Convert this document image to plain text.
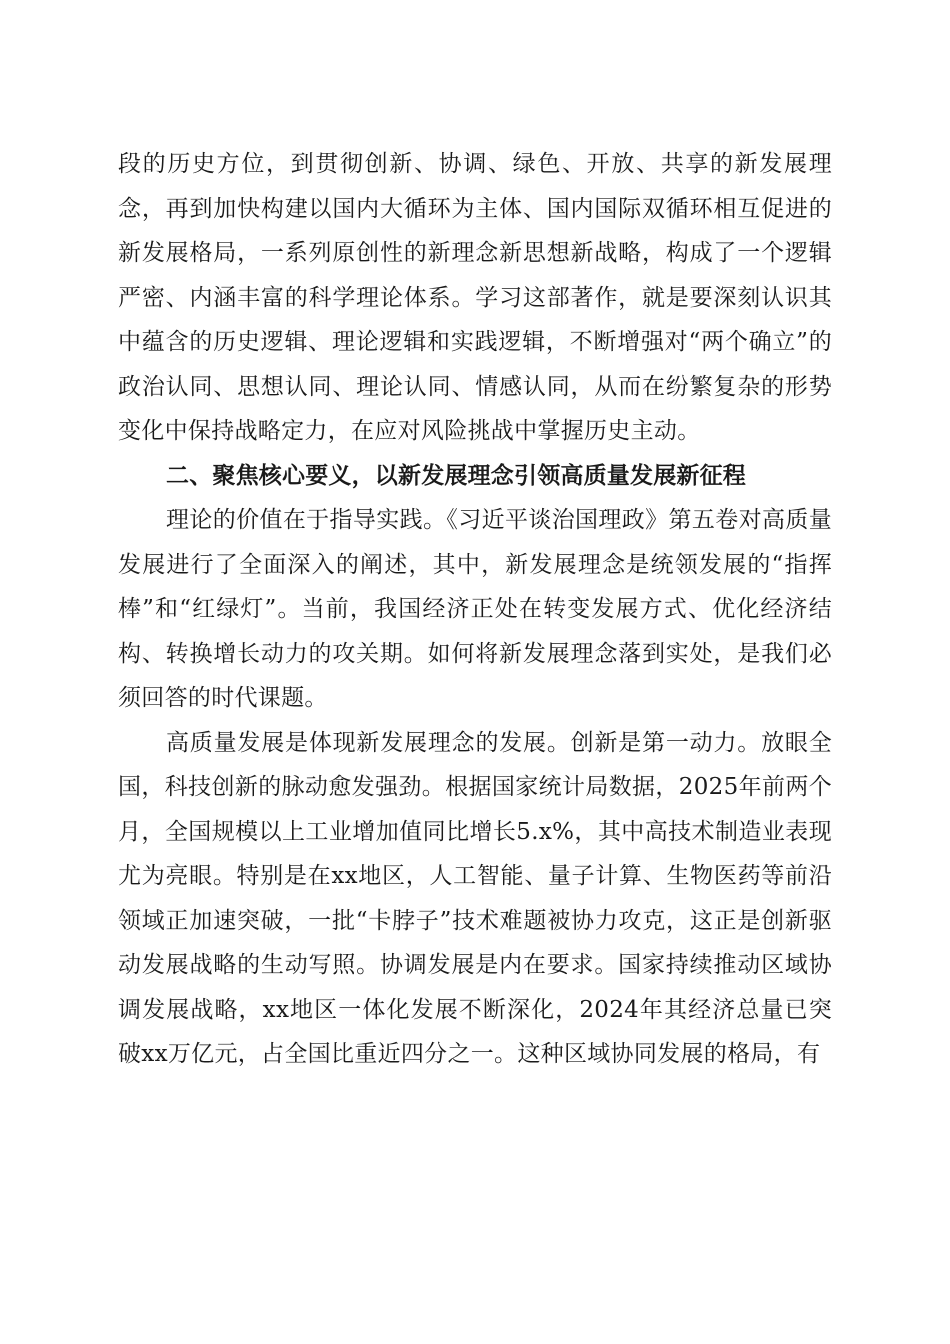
段的历史方位，到贯彻创新、协调、绿色、开放、共享的新发展理念，再到加快构建以国内大循环为主体、国内国际双循环相互促进的新发展格局，一系列原创性的新理念新思想新战略，构成了一个逻辑严密、内涵丰富的科学理论体系。学习这部著作，就是要深刻认识其中蕴含的历史逻辑、理论逻辑和实践逻辑，不断增强对“两个确立”的政治认同、思想认同、理论认同、情感认同，从而在纷繁复杂的形势变化中保持战略定力，在应对风险挑战中掌握历史主动。

二、聚焦核心要义，以新发展理念引领高质量发展新征程

理论的价值在于指导实践。《习近平谈治国理政》第五卷对高质量发展进行了全面深入的阐述，其中，新发展理念是统领发展的“指挥棒”和“红绿灯”。当前，我国经济正处在转变发展方式、优化经济结构、转换增长动力的攻关期。如何将新发展理念落到实处，是我们必须回答的时代课题。

高质量发展是体现新发展理念的发展。创新是第一动力。放眼全国，科技创新的脉动愈发强劲。根据国家统计局数据，2025年前两个月，全国规模以上工业增加值同比增长5.x%，其中高技术制造业表现尤为亮眼。特别是在xx地区，人工智能、量子计算、生物医药等前沿领域正加速突破，一批“卡脖子”技术难题被协力攻克，这正是创新驱动发展战略的生动写照。协调发展是内在要求。国家持续推动区域协调发展战略，xx地区一体化发展不断深化，2024年其经济总量已突破xx万亿元，占全国比重近四分之一。这种区域协同发展的格局，有
